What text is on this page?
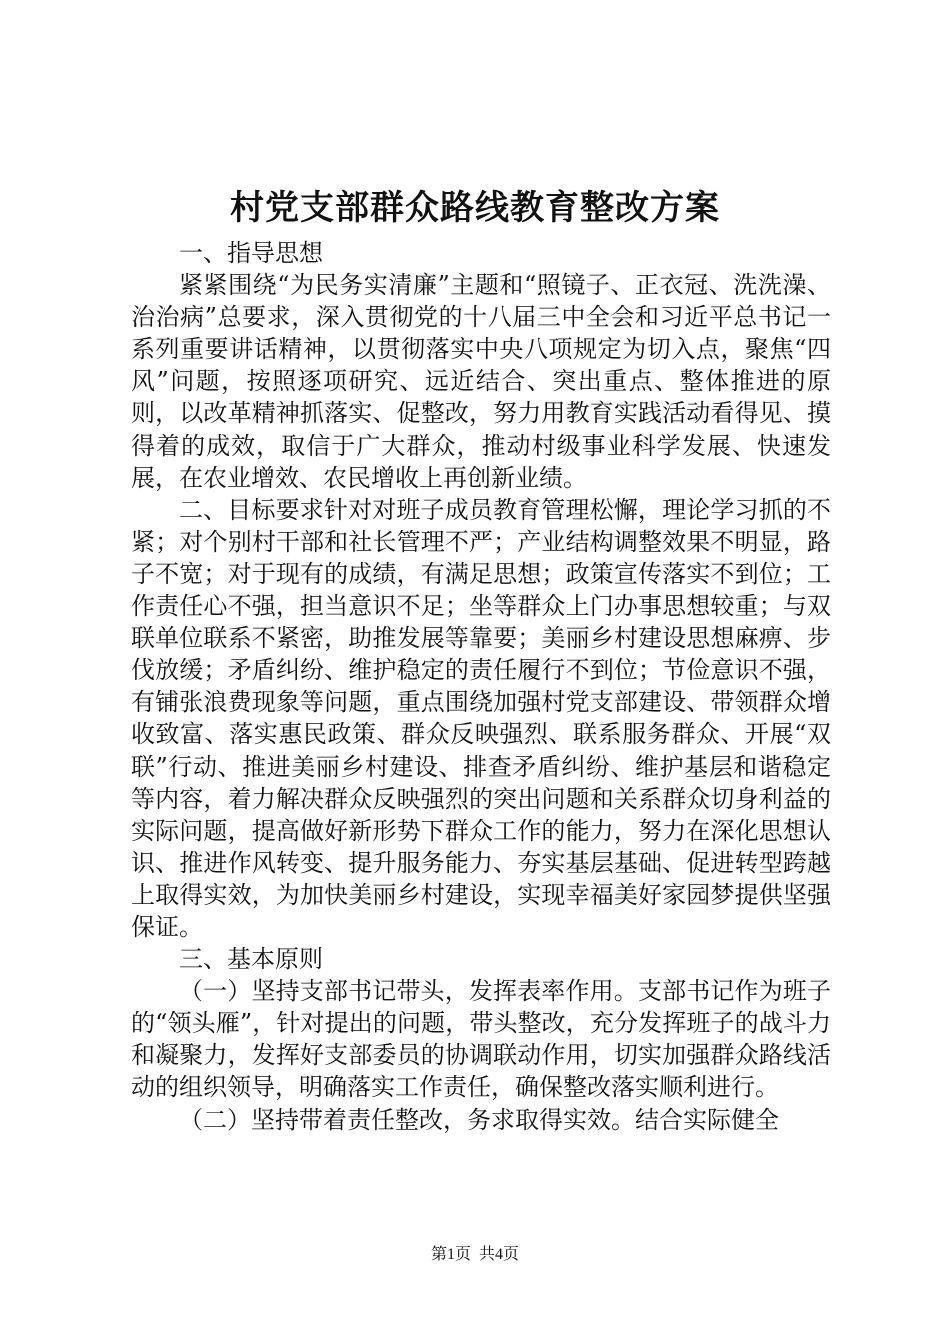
村党支部群众路线教育整改方案

一、指导思想

紧紧围绕“为民务实清廉”主题和“照镜子、正衣冠、洗洗澡、治治病”总要求，深入贯彻党的十八届三中全会和习近平总书记一系列重要讲话精神，以贯彻落实中央八项规定为切入点，聚焦“四风”问题，按照逐项研究、远近结合、突出重点、整体推进的原则，以改革精神抓落实、促整改，努力用教育实践活动看得见、摸得着的成效，取信于广大群众，推动村级事业科学发展、快速发展，在农业增效、农民增收上再创新业绩。

二、目标要求针对对班子成员教育管理松懈，理论学习抓的不紧；对个别村干部和社长管理不严；产业结构调整效果不明显，路子不宽；对于现有的成绩，有满足思想；政策宣传落实不到位；工作责任心不强，担当意识不足；坐等群众上门办事思想较重；与双联单位联系不紧密，助推发展等靠要；美丽乡村建设思想麻痹、步伐放缓；矛盾纠纷、维护稳定的责任履行不到位；节俭意识不强，有铺张浪费现象等问题，重点围绕加强村党支部建设、带领群众增收致富、落实惠民政策、群众反映强烈、联系服务群众、开展“双联”行动、推进美丽乡村建设、排查矛盾纠纷、维护基层和谐稳定等内容，着力解决群众反映强烈的突出问题和关系群众切身利益的实际问题，提高做好新形势下群众工作的能力，努力在深化思想认识、推进作风转变、提升服务能力、夯实基层基础、促进转型跨越上取得实效，为加快美丽乡村建设，实现幸福美好家园梦提供坚强保证。

三、基本原则

（一）坚持支部书记带头，发挥表率作用。支部书记作为班子的“领头雁”，针对提出的问题，带头整改，充分发挥班子的战斗力和凝聚力，发挥好支部委员的协调联动作用，切实加强群众路线活动的组织领导，明确落实工作责任，确保整改落实顺利进行。

（二）坚持带着责任整改，务求取得实效。结合实际健全

第1页 共4页
